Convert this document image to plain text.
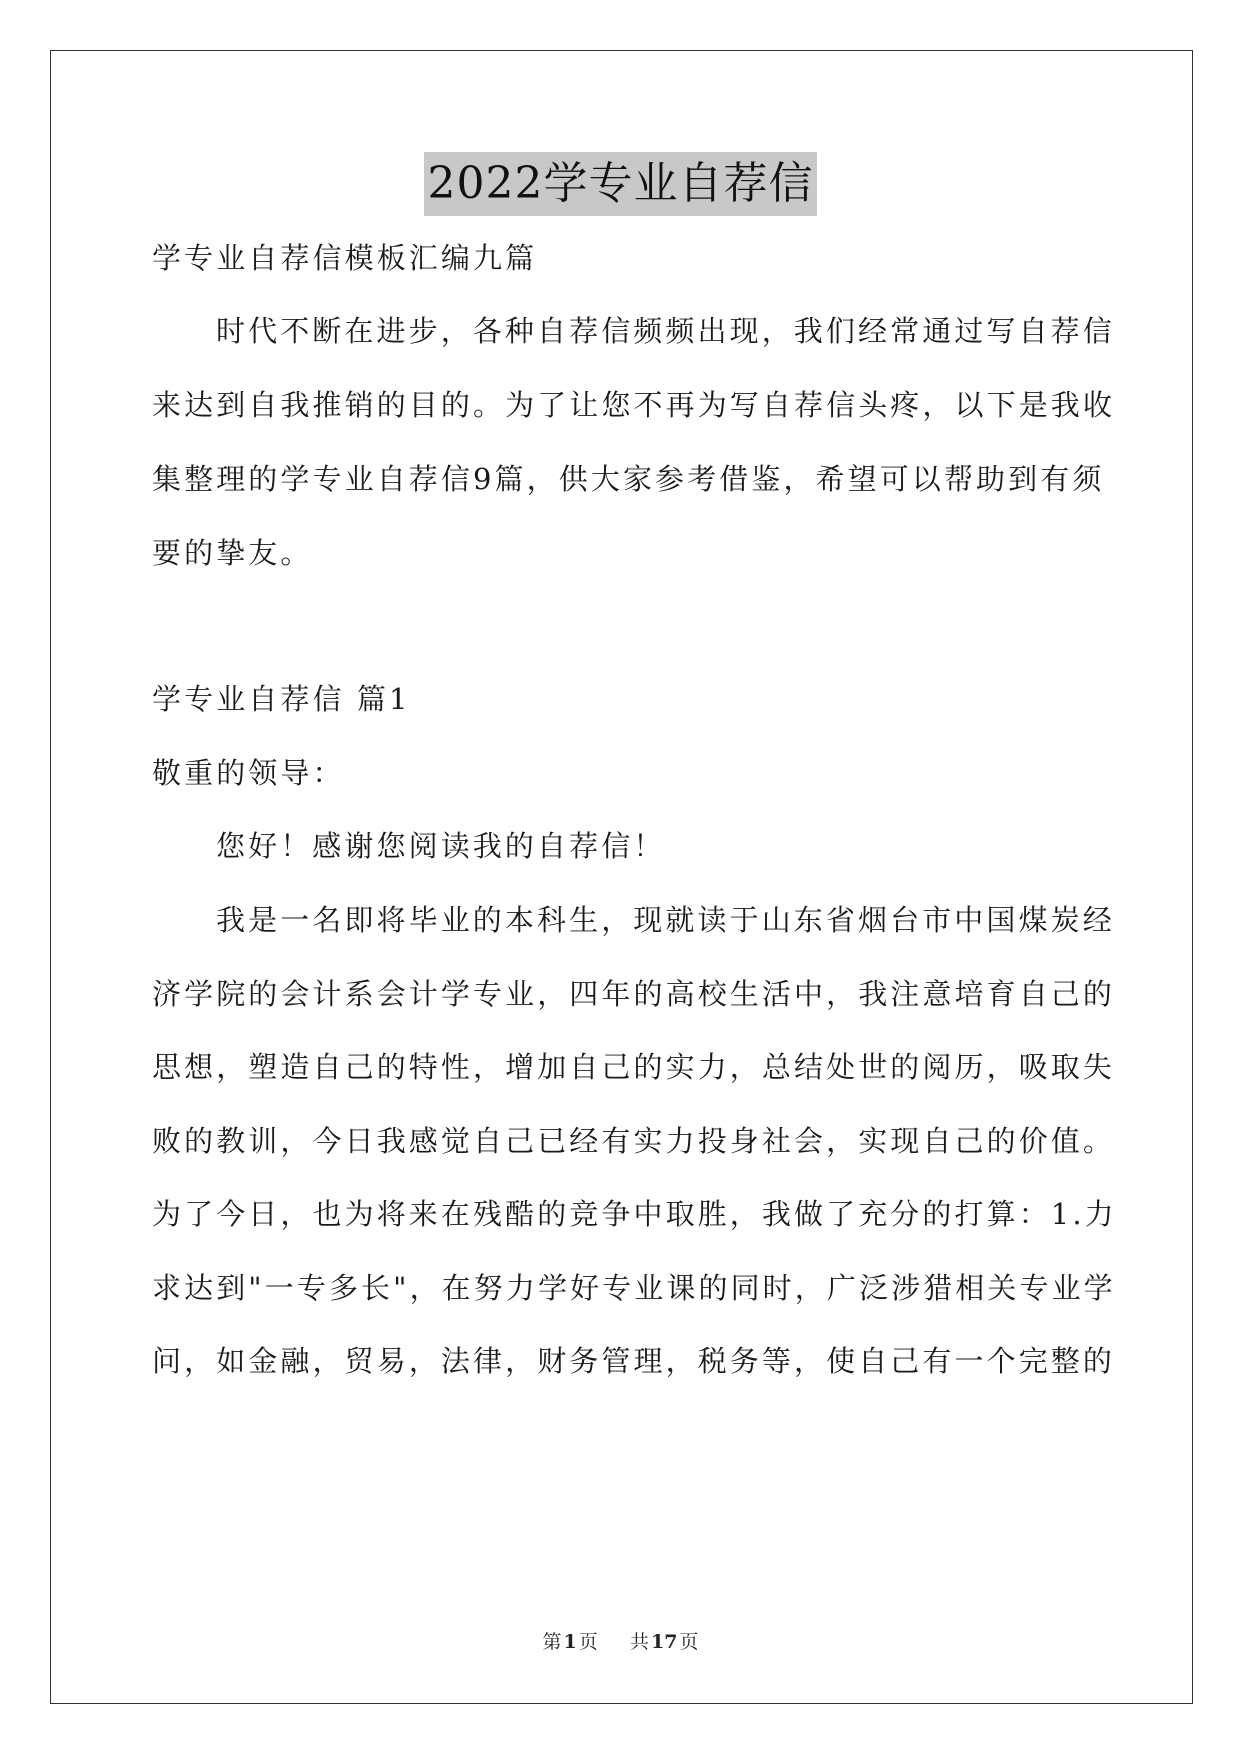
2022学专业自荐信
学专业自荐信模板汇编九篇
时代不断在进步，各种自荐信频频出现，我们经常通过写自荐信
来达到自我推销的目的。为了让您不再为写自荐信头疼，以下是我收
集整理的学专业自荐信9篇，供大家参考借鉴，希望可以帮助到有须
要的挚友。
学专业自荐信 篇1
敬重的领导：
您好！感谢您阅读我的自荐信！
我是一名即将毕业的本科生，现就读于山东省烟台市中国煤炭经
济学院的会计系会计学专业，四年的高校生活中，我注意培育自己的
思想，塑造自己的特性，增加自己的实力，总结处世的阅历，吸取失
败的教训，今日我感觉自己已经有实力投身社会，实现自己的价值。
为了今日，也为将来在残酷的竞争中取胜，我做了充分的打算：1.力
求达到"一专多长"，在努力学好专业课的同时，广泛涉猎相关专业学
问，如金融，贸易，法律，财务管理，税务等，使自己有一个完整的
第 1 页 共 17 页
